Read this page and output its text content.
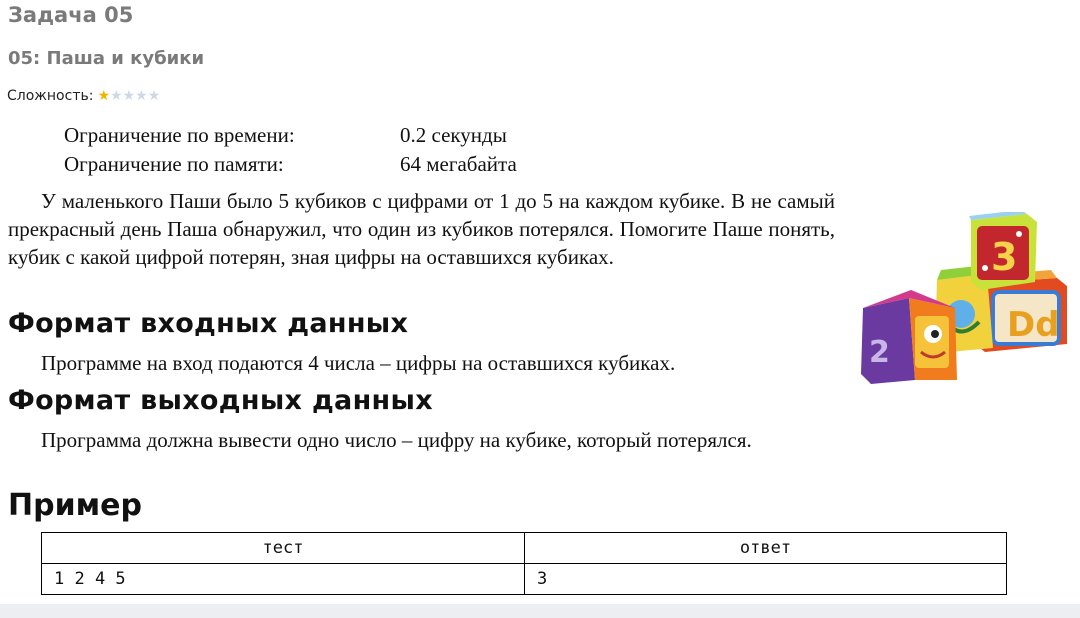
Задача 05
05: Паша и кубики
Сложность: ★ ★ ★ ★ ★
Ограничение по времени:	0.2 секунды
Ограничение по памяти:	64 мегабайта

У маленького Паши было 5 кубиков с цифрами от 1 до 5 на каждом кубике. В не самый прекрасный день Паша обнаружил, что один из кубиков потерялся. Помогите Паше понять, кубик с какой цифрой потерян, зная цифры на оставшихся кубиках.

Формат входных данных

Программе на вход подаются 4 числа – цифры на оставшихся кубиках.

Формат выходных данных

Программа должна вывести одно число – цифру на кубике, который потерялся.

Пример
тест	ответ
1 2 4 5	3
Dd
3
2
